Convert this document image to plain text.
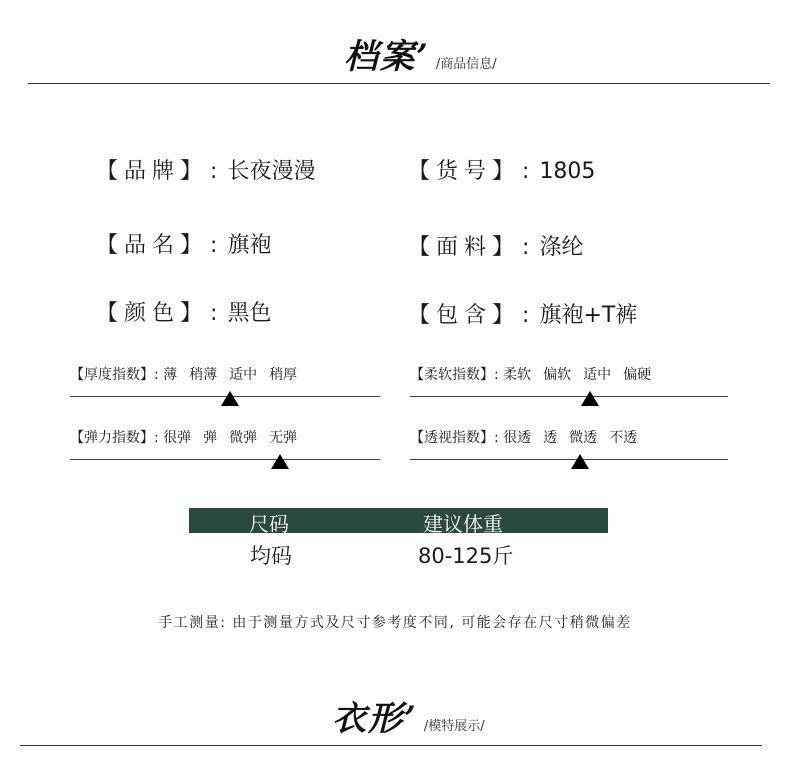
档案’ /商品信息/
【品牌】: 长夜漫漫	【货号】: 1805
【品名】: 旗袍	【面料】: 涤纶
【颜色】: 黑色	【包含】: 旗袍+T裤
【厚度指数】: 薄 稍薄 适中 稍厚	【柔软指数】: 柔软 偏软 适中 偏硬
【弹力指数】: 很弹 弹 微弹 无弹	【透视指数】: 很透 透 微透 不透
尺码	建议体重
均码	80-125斤
手工测量: 由于测量方式及尺寸参考度不同, 可能会存在尺寸稍微偏差
衣形’ /模特展示/
